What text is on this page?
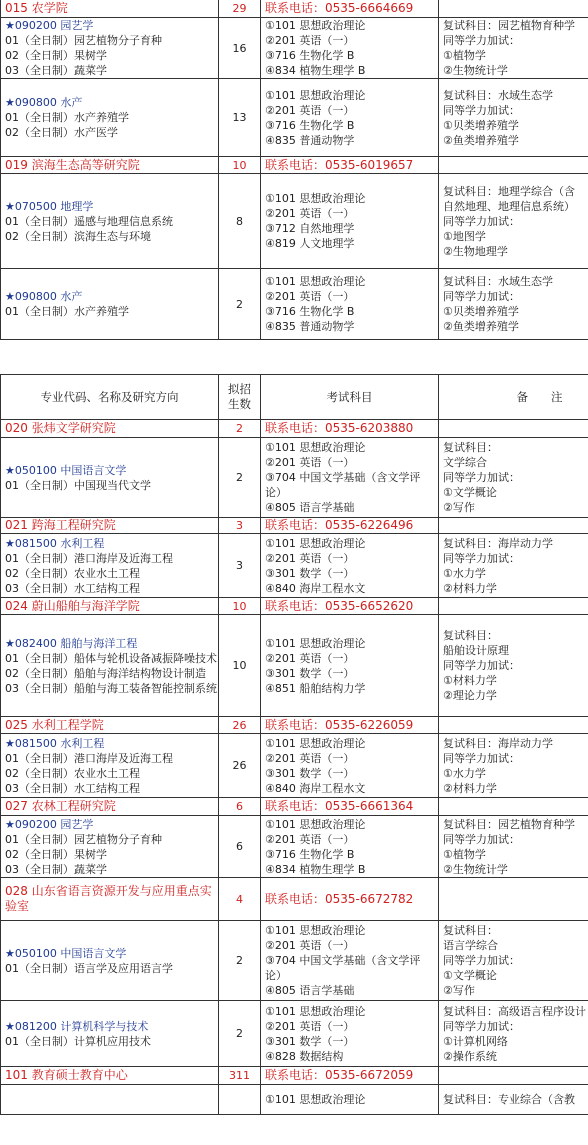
015 农学院	29	联系电话：0535-6664669	

★090200 园艺学
01（全日制）园艺植物分子育种
02（全日制）果树学
03（全日制）蔬菜学	16	①101 思想政治理论
②201 英语（一）
③716 生物化学 B
④834 植物生理学 B	复试科目：园艺植物育种学
同等学力加试：
①植物学
②生物统计学

★090800 水产
01（全日制）水产养殖学
02（全日制）水产医学	13	①101 思想政治理论
②201 英语（一）
③716 生物化学 B
④835 普通动物学	复试科目：水域生态学
同等学力加试：
①贝类增养殖学
②鱼类增养殖学

019 滨海生态高等研究院	10	联系电话：0535-6019657	

★070500 地理学
01（全日制）遥感与地理信息系统
02（全日制）滨海生态与环境	8	①101 思想政治理论
②201 英语（一）
③712 自然地理学
④819 人文地理学	复试科目：地理学综合（含
自然地理、地理信息系统）
同等学力加试：
①地图学
②生物地理学

★090800 水产
01（全日制）水产养殖学	2	①101 思想政治理论
②201 英语（一）
③716 生物化学 B
④835 普通动物学	复试科目：水域生态学
同等学力加试：
①贝类增养殖学
②鱼类增养殖学
专业代码、名称及研究方向	拟招生数	考试科目	备　　注
020 张炜文学研究院	2	联系电话：0535-6203880	

★050100 中国语言文学
01（全日制）中国现当代文学	2	①101 思想政治理论
②201 英语（一）
③704 中国文学基础（含文学评论）
④805 语言学基础	复试科目：
文学综合
同等学力加试：
①文学概论
②写作

021 跨海工程研究院	3	联系电话：0535-6226496	

★081500 水利工程
01（全日制）港口海岸及近海工程
02（全日制）农业水土工程
03（全日制）水工结构工程	3	①101 思想政治理论
②201 英语（一）
③301 数学（一）
④840 海岸工程水文	复试科目：海岸动力学
同等学力加试：
①水力学
②材料力学

024 蔚山船舶与海洋学院	10	联系电话：0535-6652620	

★082400 船舶与海洋工程
01（全日制）船体与轮机设备减振降噪技术
02（全日制）船舶与海洋结构物设计制造
03（全日制）船舶与海工装备智能控制系统	10	①101 思想政治理论
②201 英语（一）
③301 数学（一）
④851 船舶结构力学	复试科目：
船舶设计原理
同等学力加试：
①材料力学
②理论力学

025 水利工程学院	26	联系电话：0535-6226059	

★081500 水利工程
01（全日制）港口海岸及近海工程
02（全日制）农业水土工程
03（全日制）水工结构工程	26	①101 思想政治理论
②201 英语（一）
③301 数学（一）
④840 海岸工程水文	复试科目：海岸动力学
同等学力加试：
①水力学
②材料力学

027 农林工程研究院	6	联系电话：0535-6661364	

★090200 园艺学
01（全日制）园艺植物分子育种
02（全日制）果树学
03（全日制）蔬菜学	6	①101 思想政治理论
②201 英语（一）
③716 生物化学 B
④834 植物生理学 B	复试科目：园艺植物育种学
同等学力加试：
①植物学
②生物统计学

028 山东省语言资源开发与应用重点实验室	4	联系电话：0535-6672782	

★050100 中国语言文学
01（全日制）语言学及应用语言学	2	①101 思想政治理论
②201 英语（一）
③704 中国文学基础（含文学评论）
④805 语言学基础	复试科目：
语言学综合
同等学力加试：
①文学概论
②写作

★081200 计算机科学与技术
01（全日制）计算机应用技术	2	①101 思想政治理论
②201 英语（一）
③301 数学（一）
④828 数据结构	复试科目：高级语言程序设计
同等学力加试：
①计算机网络
②操作系统

101 教育硕士教育中心	311	联系电话：0535-6672059	

		①101 思想政治理论	复试科目：专业综合（含教
